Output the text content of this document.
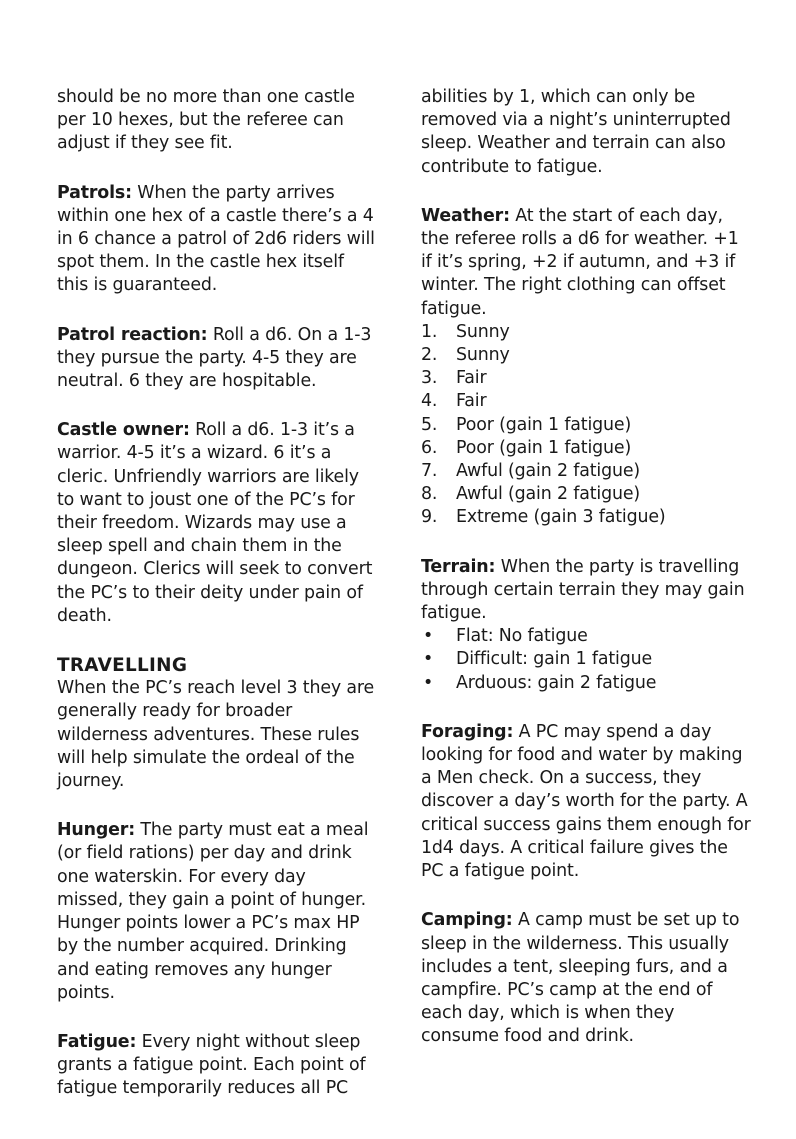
should be no more than one castle per 10 hexes, but the referee can adjust if they see fit.

Patrols: When the party arrives within one hex of a castle there’s a 4 in 6 chance a patrol of 2d6 riders will spot them. In the castle hex itself this is guaranteed.

Patrol reaction: Roll a d6. On a 1-3 they pursue the party. 4-5 they are neutral. 6 they are hospitable.

Castle owner: Roll a d6. 1-3 it’s a warrior. 4-5 it’s a wizard. 6 it’s a cleric. Unfriendly warriors are likely to want to joust one of the PC’s for their freedom. Wizards may use a sleep spell and chain them in the dungeon. Clerics will seek to convert the PC’s to their deity under pain of death.

TRAVELLING

When the PC’s reach level 3 they are generally ready for broader wilderness adventures. These rules will help simulate the ordeal of the journey.

Hunger: The party must eat a meal (or field rations) per day and drink one waterskin. For every day missed, they gain a point of hunger. Hunger points lower a PC’s max HP by the number acquired. Drinking and eating removes any hunger points.

Fatigue: Every night without sleep grants a fatigue point. Each point of fatigue temporarily reduces all PC

abilities by 1, which can only be removed via a night’s uninterrupted sleep. Weather and terrain can also contribute to fatigue.

Weather: At the start of each day, the referee rolls a d6 for weather. +1 if it’s spring, +2 if autumn, and +3 if winter. The right clothing can offset fatigue.

1.	Sunny
2.	Sunny
3.	Fair
4.	Fair
5.	Poor (gain 1 fatigue)
6.	Poor (gain 1 fatigue)
7.	Awful (gain 2 fatigue)
8.	Awful (gain 2 fatigue)
9.	Extreme (gain 3 fatigue)

Terrain: When the party is travelling through certain terrain they may gain fatigue.

•	Flat: No fatigue
•	Difficult: gain 1 fatigue
•	Arduous: gain 2 fatigue

Foraging: A PC may spend a day looking for food and water by making a Men check. On a success, they discover a day’s worth for the party. A critical success gains them enough for 1d4 days. A critical failure gives the PC a fatigue point.

Camping: A camp must be set up to sleep in the wilderness. This usually includes a tent, sleeping furs, and a campfire. PC’s camp at the end of each day, which is when they consume food and drink.
